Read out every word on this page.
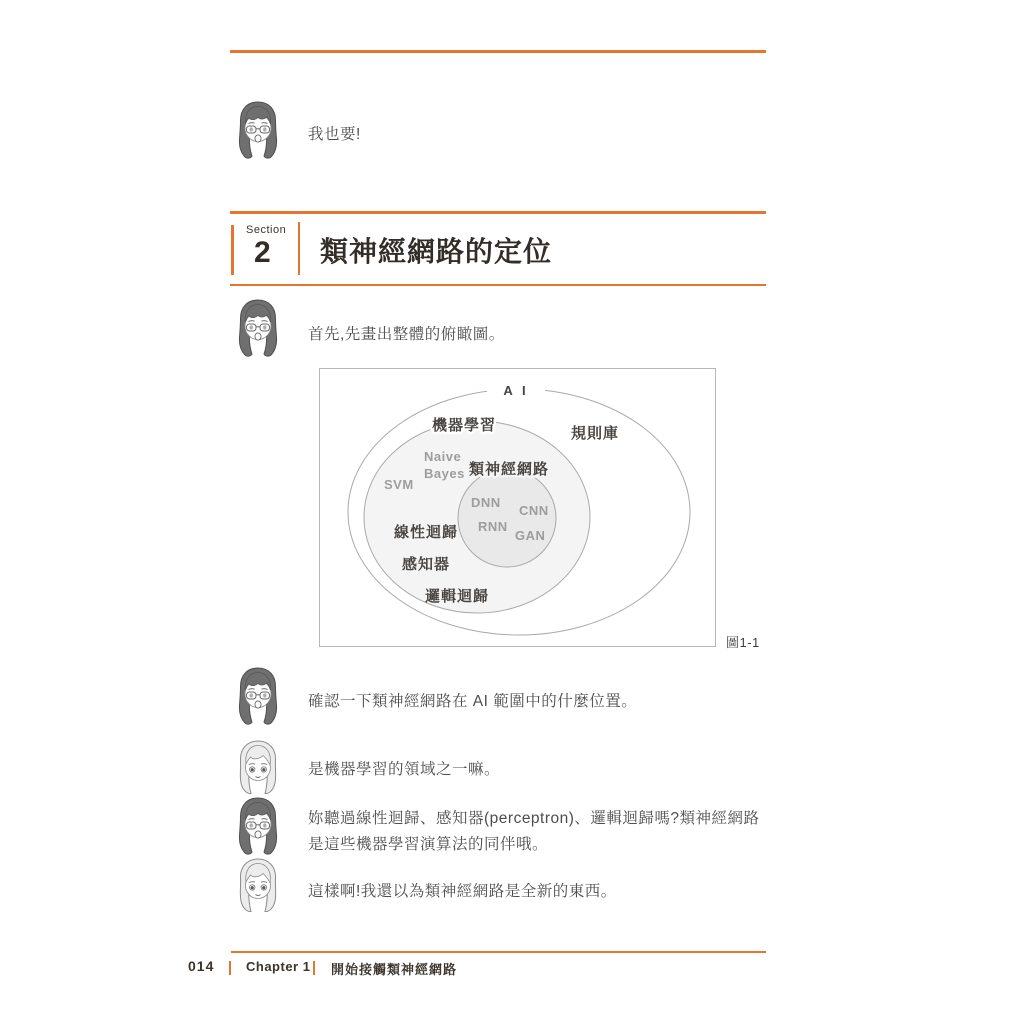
我也要!
Section
2 類神經網路的定位
首先,先畫出整體的俯瞰圖。
A I
機器學習	規則庫
Naive
Bayes
SVM
類神經網路
DNN
CNN
RNN
GAN
線性迴歸
感知器
邏輯迴歸
圖1-1
確認一下類神經網路在 AI 範圍中的什麼位置。
是機器學習的領域之一嘛。
妳聽過線性迴歸、感知器(perceptron)、邏輯迴歸嗎?類神經網路是這些機器學習演算法的同伴哦。
這樣啊!我還以為類神經網路是全新的東西。
014 Chapter 1 開始接觸類神經網路
